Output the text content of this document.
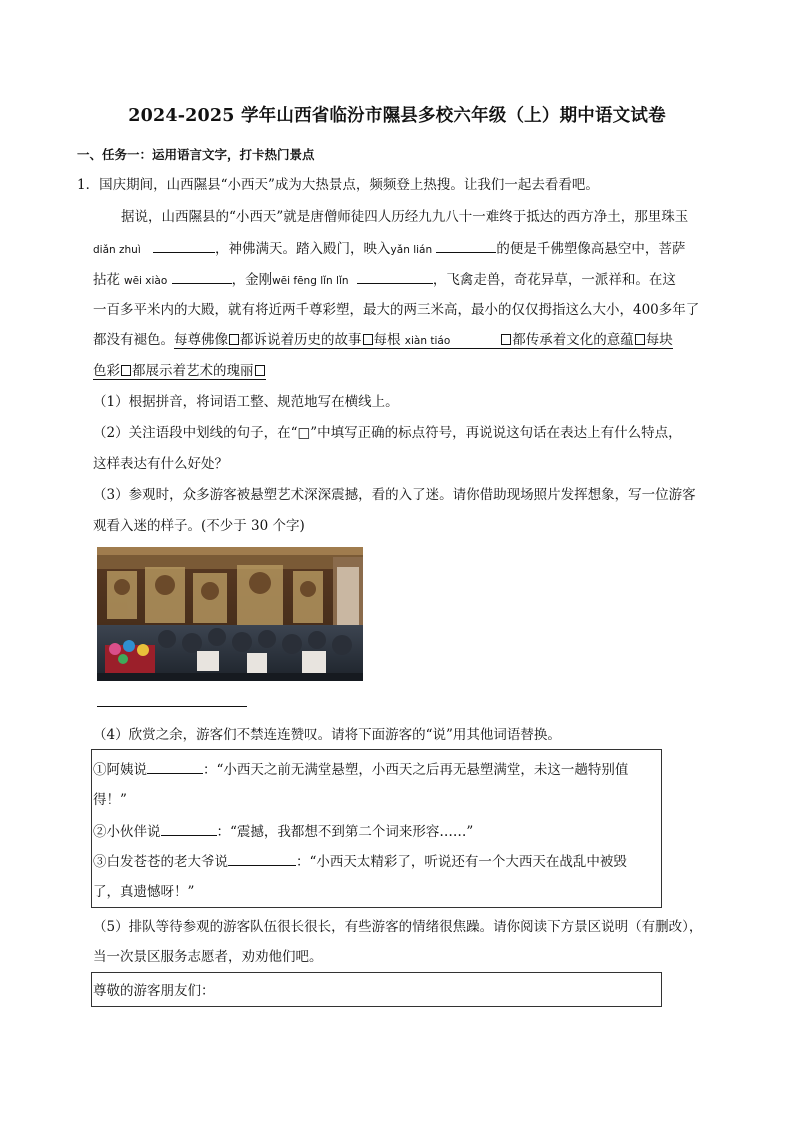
2024-2025 学年山西省临汾市隰县多校六年级（上）期中语文试卷
一、任务一：运用语言文字，打卡热门景点
1．国庆期间，山西隰县“小西天”成为大热景点，频频登上热搜。让我们一起去看看吧。
据说，山西隰县的“小西天”就是唐僧师徒四人历经九九八十一难终于抵达的西方净土，那里珠玉
diǎn zhuì	，神佛满天。踏入殿门，映入yǎn lián	的便是千佛塑像高悬空中，菩萨
拈花 wēi xiào	，金刚wēi fēng lǐn lǐn	，飞禽走兽，奇花异草，一派祥和。在这
一百多平米内的大殿，就有将近两千尊彩塑，最大的两三米高，最小的仅仅拇指这么大小，400多年了
都没有褪色。每尊佛像 都诉说着历史的故事 每根 xiàn tiáo	都传承着文化的意蕴 每块
色彩 都展示着艺术的瑰丽
（1）根据拼音，将词语工整、规范地写在横线上。
（2）关注语段中划线的句子，在“□”中填写正确的标点符号，再说说这句话在表达上有什么特点，
这样表达有什么好处？
（3）参观时，众多游客被悬塑艺术深深震撼，看的入了迷。请你借助现场照片发挥想象，写一位游客
观看入迷的样子。(不少于 30 个字)
（4）欣赏之余，游客们不禁连连赞叹。请将下面游客的“说”用其他词语替换。
①阿姨说	：“小西天之前无满堂悬塑，小西天之后再无悬塑满堂，未这一趟特别值
得！”
②小伙伴说	：“震撼，我都想不到第二个词来形容……”
③白发苍苍的老大爷说	：“小西天太精彩了，听说还有一个大西天在战乱中被毁
了，真遗憾呀！”
（5）排队等待参观的游客队伍很长很长，有些游客的情绪很焦躁。请你阅读下方景区说明（有删改），
当一次景区服务志愿者，劝劝他们吧。
尊敬的游客朋友们：
